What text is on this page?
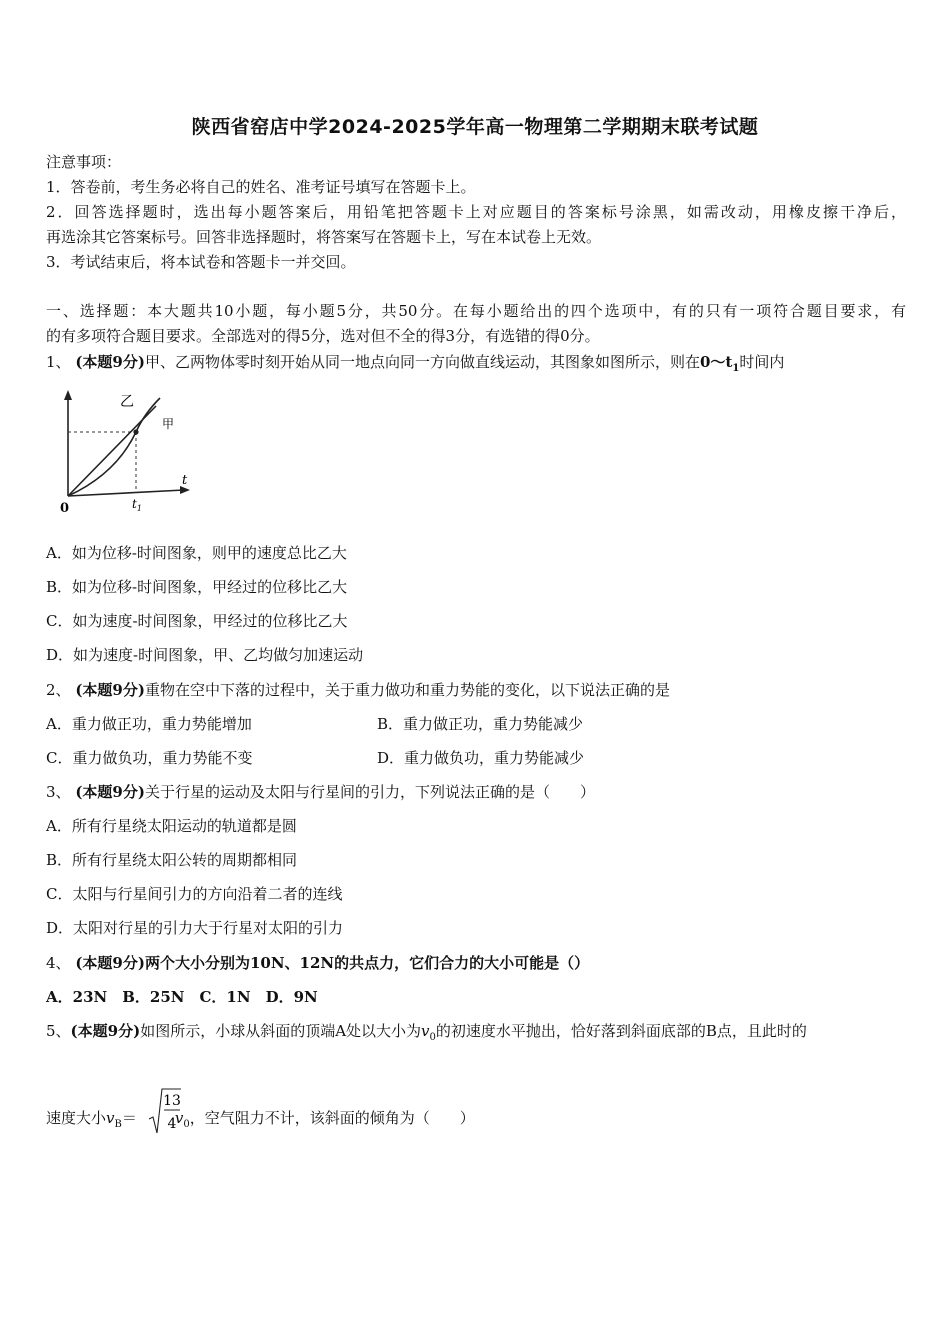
陕西省窑店中学2024-2025学年高一物理第二学期期末联考试题
注意事项：
1．答卷前，考生务必将自己的姓名、准考证号填写在答题卡上。
2．回答选择题时，选出每小题答案后，用铅笔把答题卡上对应题目的答案标号涂黑，如需改动，用橡皮擦干净后，
再选涂其它答案标号。回答非选择题时，将答案写在答题卡上，写在本试卷上无效。
3．考试结束后，将本试卷和答题卡一并交回。
一、选择题：本大题共10小题，每小题5分，共50分。在每小题给出的四个选项中，有的只有一项符合题目要求，有
的有多项符合题目要求。全部选对的得5分，选对但不全的得3分，有选错的得0分。
1、 (本题9分)甲、乙两物体零时刻开始从同一地点向同一方向做直线运动，其图象如图所示，则在$0\sim t_1$时间内
乙
甲
0	$t_1$
t
A．如为位移-时间图象，则甲的速度总比乙大
B．如为位移-时间图象，甲经过的位移比乙大
C．如为速度-时间图象，甲经过的位移比乙大
D．如为速度-时间图象，甲、乙均做匀加速运动
2、 (本题9分)重物在空中下落的过程中，关于重力做功和重力势能的变化，以下说法正确的是
A．重力做正功，重力势能增加	B．重力做正功，重力势能减少
C．重力做负功，重力势能不变	D．重力做负功，重力势能减少
3、 (本题9分)关于行星的运动及太阳与行星间的引力，下列说法正确的是（　　）
A．所有行星绕太阳运动的轨道都是圆
B．所有行星绕太阳公转的周期都相同
C．太阳与行星间引力的方向沿着二者的连线
D．太阳对行星的引力大于行星对太阳的引力
4、 (本题9分)两个大小分别为10N、12N的共点力，它们合力的大小可能是（）
A．23N　B．25N　C．1N　D．9N
5、(本题9分)如图所示，小球从斜面的顶端A处以大小为$v_0$的初速度水平抛出，恰好落到斜面底部的B点，且此时的
速度大小$v_B=$	$v_0$，空气阻力不计，该斜面的倾角为（　　）
13
4
